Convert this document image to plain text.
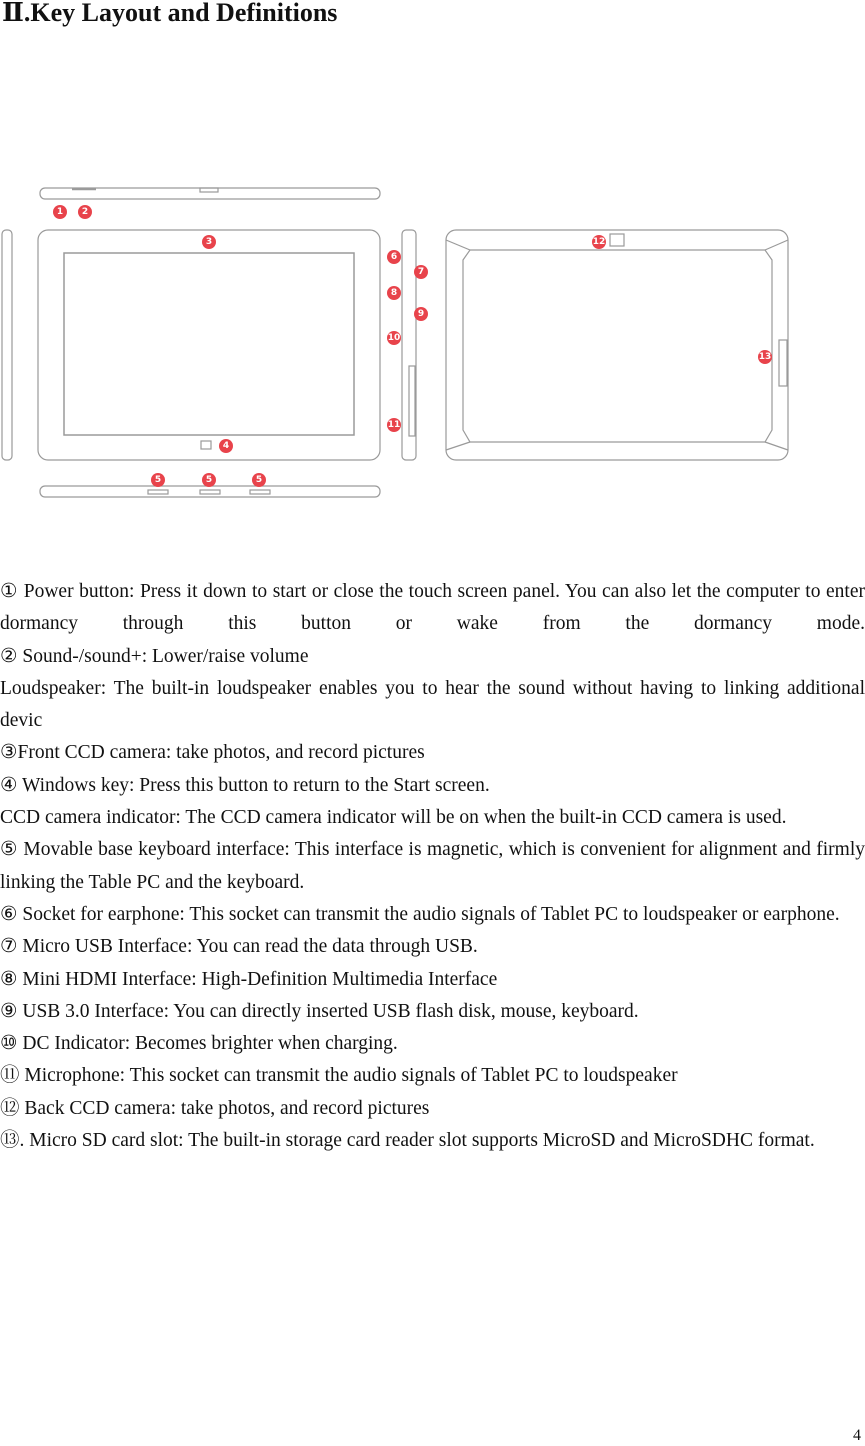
Ⅱ.Key Layout and Definitions
1 2
3
4
5	5	5
6
7
8
9
10
11
12
13

① Power button: Press it down to start or close the touch screen panel. You can also let the computer to enter dormancy through this button or wake from the dormancy mode.

② Sound-/sound+: Lower/raise volume

Loudspeaker: The built-in loudspeaker enables you to hear the sound without having to linking additional devic

③Front CCD camera: take photos, and record pictures

④ Windows key: Press this button to return to the Start screen.

CCD camera indicator: The CCD camera indicator will be on when the built-in CCD camera is used.

⑤ Movable base keyboard interface: This interface is magnetic, which is convenient for alignment and firmly linking the Table PC and the keyboard.

⑥ Socket for earphone: This socket can transmit the audio signals of Tablet PC to loudspeaker or earphone.

⑦ Micro USB Interface: You can read the data through USB.

⑧ Mini HDMI Interface: High-Definition Multimedia Interface

⑨ USB 3.0 Interface: You can directly inserted USB flash disk, mouse, keyboard.

⑩ DC Indicator: Becomes brighter when charging.

⑪ Microphone: This socket can transmit the audio signals of Tablet PC to loudspeaker

⑫ Back CCD camera: take photos, and record pictures

⑬. Micro SD card slot: The built-in storage card reader slot supports MicroSD and MicroSDHC format.

4
